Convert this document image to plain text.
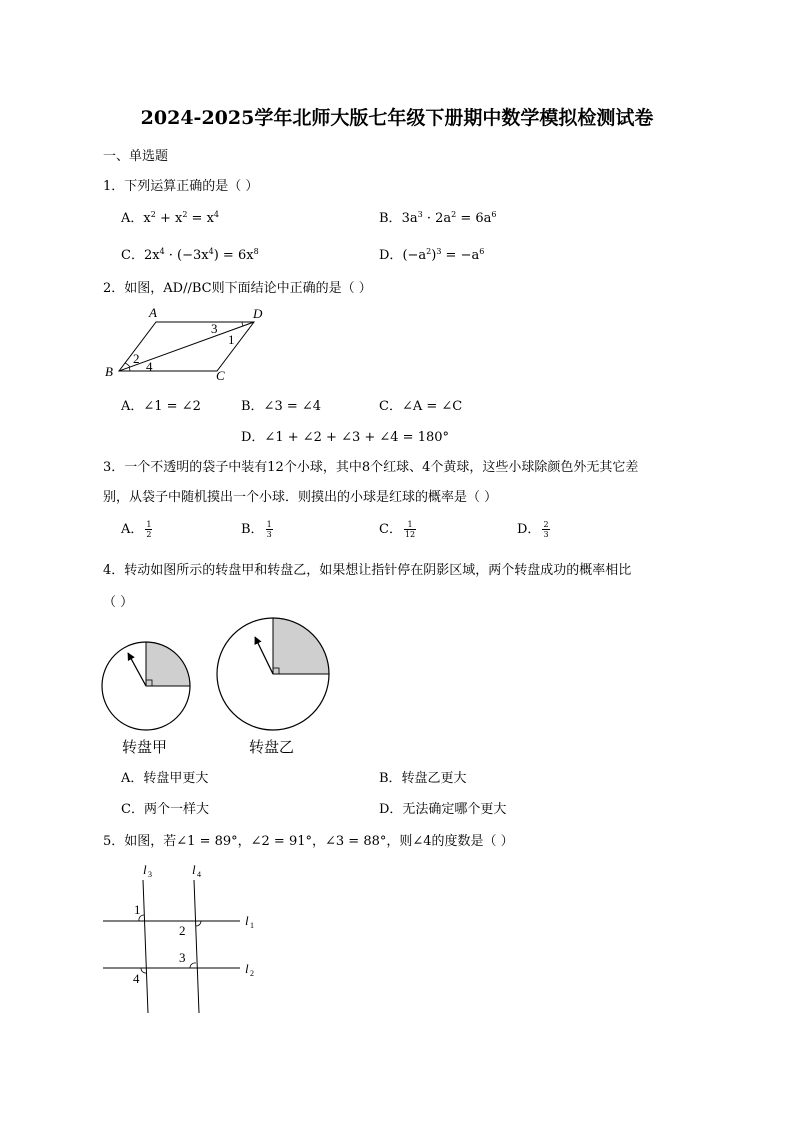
2024-2025学年北师大版七年级下册期中数学模拟检测试卷
一、单选题
1．下列运算正确的是（ ）
A．$x^2 + x^2 = x^4$	B．$3a^3 \cdot 2a^2 = 6a^6$
C．$2x^4 \cdot (-3x^4) = 6x^8$	D．$(-a^2)^3 = -a^6$
2．如图，AD//BC则下面结论中正确的是（ ）
A	D
B	C
3
1
2
4
A．∠1 = ∠2	B．∠3 = ∠4	C．∠A = ∠C
D．∠1 + ∠2 + ∠3 + ∠4 = 180°
3．一个不透明的袋子中装有12个小球，其中8个红球、4个黄球，这些小球除颜色外无其它差
别，从袋子中随机摸出一个小球．则摸出的小球是红球的概率是（ ）
A． $\frac{1}{2}$	B． $\frac{1}{3}$	C． $\frac{1}{12}$	D． $\frac{2}{3}$
4．转动如图所示的转盘甲和转盘乙，如果想让指针停在阴影区域，两个转盘成功的概率相比
（ ）
转盘甲	转盘乙
A．转盘甲更大	B．转盘乙更大
C．两个一样大	D．无法确定哪个更大
5．如图，若∠1 = 89°，∠2 = 91°，∠3 = 88°，则∠4的度数是（ ）
l 3	l 4
l 1
l 2
1
2
3
4
